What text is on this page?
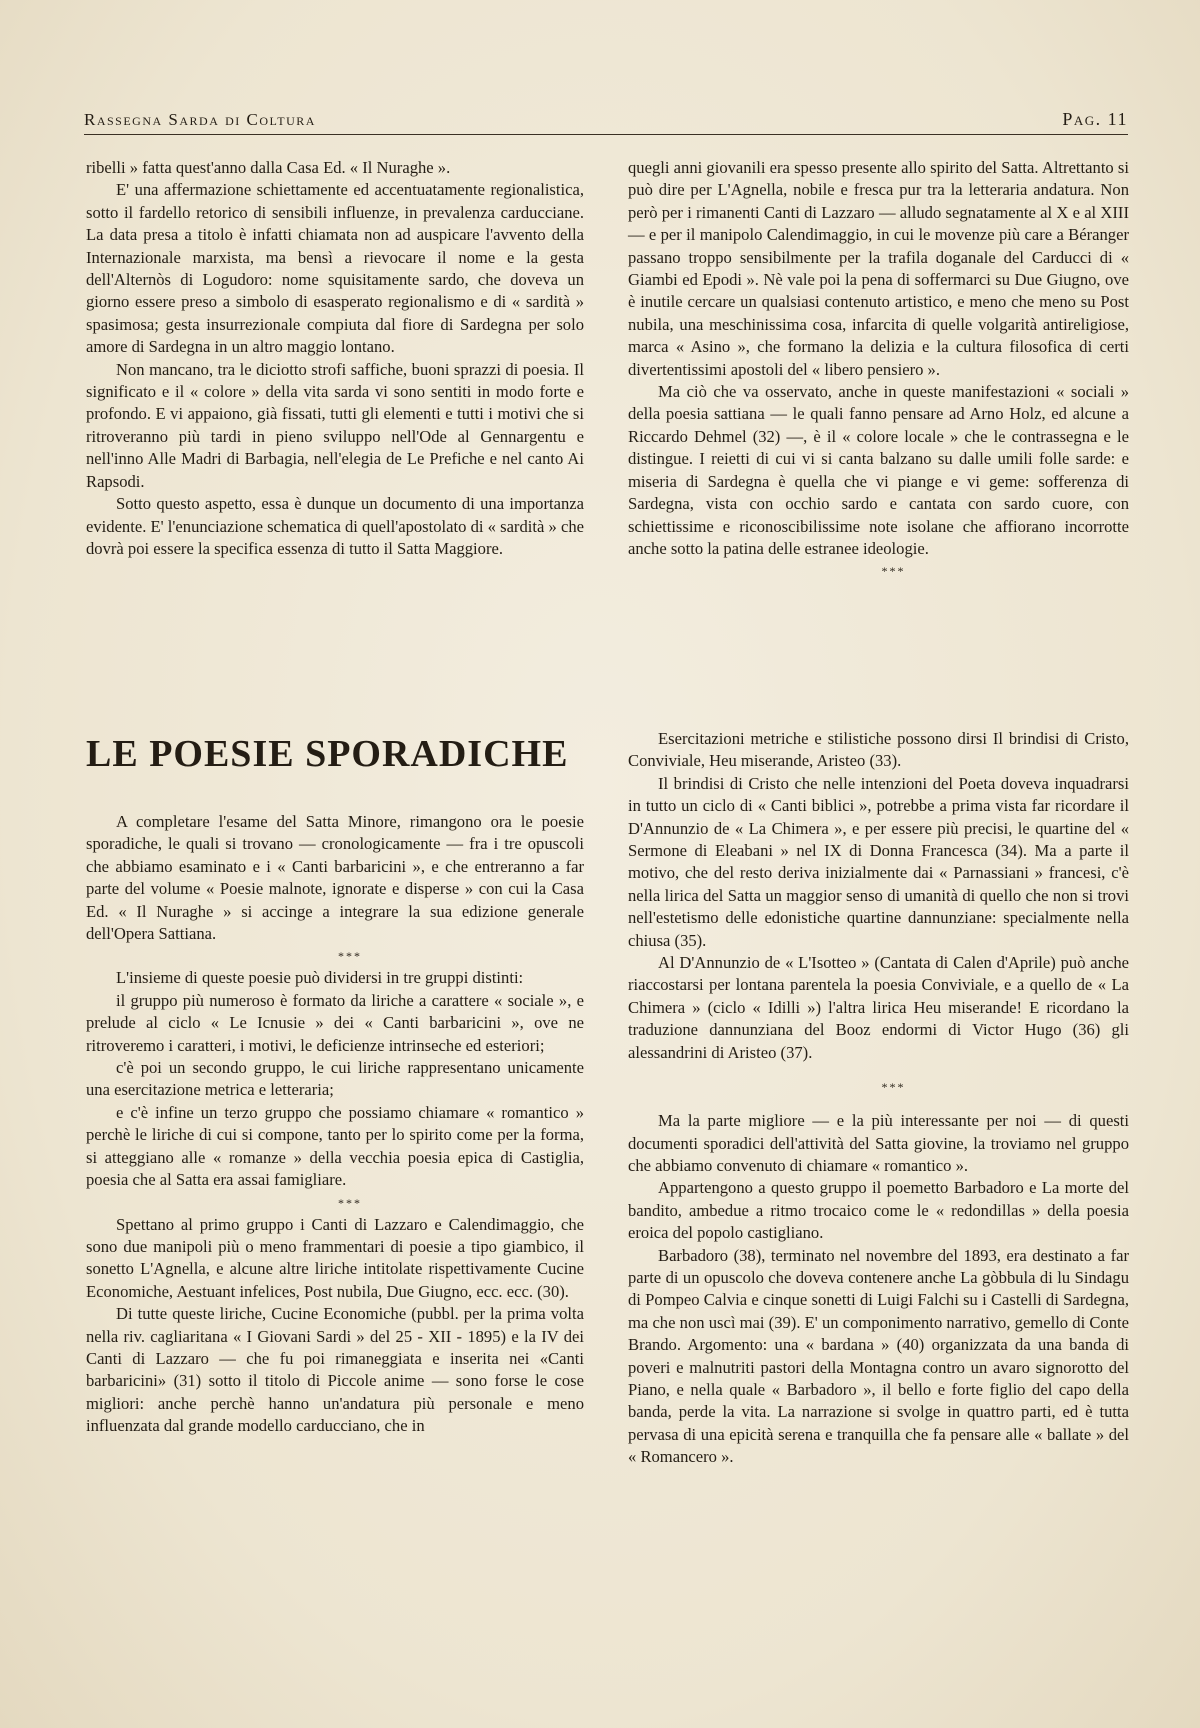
Rassegna Sarda di Coltura	Pag. 11

ribelli » fatta quest'anno dalla Casa Ed. « Il Nuraghe ».

E' una affermazione schiettamente ed accentuatamente regionalistica, sotto il fardello retorico di sensibili influenze, in prevalenza carducciane. La data presa a titolo è infatti chiamata non ad auspicare l'avvento della Internazionale marxista, ma bensì a rievocare il nome e la gesta dell'Alternòs di Logudoro: nome squisitamente sardo, che doveva un giorno essere preso a simbolo di esasperato regionalismo e di « sardità » spasimosa; gesta insurrezionale compiuta dal fiore di Sardegna per solo amore di Sardegna in un altro maggio lontano.

Non mancano, tra le diciotto strofi saffiche, buoni sprazzi di poesia. Il significato e il « colore » della vita sarda vi sono sentiti in modo forte e profondo. E vi appaiono, già fissati, tutti gli elementi e tutti i motivi che si ritroveranno più tardi in pieno sviluppo nell'Ode al Gennargentu e nell'inno Alle Madri di Barbagia, nell'elegia de Le Prefiche e nel canto Ai Rapsodi.

Sotto questo aspetto, essa è dunque un documento di una importanza evidente. E' l'enunciazione schematica di quell'apostolato di « sardità » che dovrà poi essere la specifica essenza di tutto il Satta Maggiore.

quegli anni giovanili era spesso presente allo spirito del Satta. Altrettanto si può dire per L'Agnella, nobile e fresca pur tra la letteraria andatura. Non però per i rimanenti Canti di Lazzaro — alludo segnatamente al X e al XIII — e per il manipolo Calendimaggio, in cui le movenze più care a Béranger passano troppo sensibilmente per la trafila doganale del Carducci di « Giambi ed Epodi ». Nè vale poi la pena di soffermarci su Due Giugno, ove è inutile cercare un qualsiasi contenuto artistico, e meno che meno su Post nubila, una meschinissima cosa, infarcita di quelle volgarità antireligiose, marca « Asino », che formano la delizia e la cultura filosofica di certi divertentissimi apostoli del « libero pensiero ».

Ma ciò che va osservato, anche in queste manifestazioni « sociali » della poesia sattiana — le quali fanno pensare ad Arno Holz, ed alcune a Riccardo Dehmel (32) —, è il « colore locale » che le contrassegna e le distingue. I reietti di cui vi si canta balzano su dalle umili folle sarde: e miseria di Sardegna è quella che vi piange e vi geme: sofferenza di Sardegna, vista con occhio sardo e cantata con sardo cuore, con schiettissime e riconoscibilissime note isolane che affiorano incorrotte anche sotto la patina delle estranee ideologie.

***

LE POESIE SPORADICHE

A completare l'esame del Satta Minore, rimangono ora le poesie sporadiche, le quali si trovano — cronologicamente — fra i tre opuscoli che abbiamo esaminato e i « Canti barbaricini », e che entreranno a far parte del volume « Poesie malnote, ignorate e disperse » con cui la Casa Ed. « Il Nuraghe » si accinge a integrare la sua edizione generale dell'Opera Sattiana.

***

L'insieme di queste poesie può dividersi in tre gruppi distinti:

il gruppo più numeroso è formato da liriche a carattere « sociale », e prelude al ciclo « Le Icnusie » dei « Canti barbaricini », ove ne ritroveremo i caratteri, i motivi, le deficienze intrinseche ed esteriori;

c'è poi un secondo gruppo, le cui liriche rappresentano unicamente una esercitazione metrica e letteraria;

e c'è infine un terzo gruppo che possiamo chiamare « romantico » perchè le liriche di cui si compone, tanto per lo spirito come per la forma, si atteggiano alle « romanze » della vecchia poesia epica di Castiglia, poesia che al Satta era assai famigliare.

***

Spettano al primo gruppo i Canti di Lazzaro e Calendimaggio, che sono due manipoli più o meno frammentari di poesie a tipo giambico, il sonetto L'Agnella, e alcune altre liriche intitolate rispettivamente Cucine Economiche, Aestuant infelices, Post nubila, Due Giugno, ecc. ecc. (30).

Di tutte queste liriche, Cucine Economiche (pubbl. per la prima volta nella riv. cagliaritana « I Giovani Sardi » del 25 - XII - 1895) e la IV dei Canti di Lazzaro — che fu poi rimaneggiata e inserita nei «Canti barbaricini» (31) sotto il titolo di Piccole anime — sono forse le cose migliori: anche perchè hanno un'andatura più personale e meno influenzata dal grande modello carducciano, che in

Esercitazioni metriche e stilistiche possono dirsi Il brindisi di Cristo, Conviviale, Heu miserande, Aristeo (33).

Il brindisi di Cristo che nelle intenzioni del Poeta doveva inquadrarsi in tutto un ciclo di « Canti biblici », potrebbe a prima vista far ricordare il D'Annunzio de « La Chimera », e per essere più precisi, le quartine del « Sermone di Eleabani » nel IX di Donna Francesca (34). Ma a parte il motivo, che del resto deriva inizialmente dai « Parnassiani » francesi, c'è nella lirica del Satta un maggior senso di umanità di quello che non si trovi nell'estetismo delle edonistiche quartine dannunziane: specialmente nella chiusa (35).

Al D'Annunzio de « L'Isotteo » (Cantata di Calen d'Aprile) può anche riaccostarsi per lontana parentela la poesia Conviviale, e a quello de « La Chimera » (ciclo « Idilli ») l'altra lirica Heu miserande! E ricordano la traduzione dannunziana del Booz endormi di Victor Hugo (36) gli alessandrini di Aristeo (37).

***

Ma la parte migliore — e la più interessante per noi — di questi documenti sporadici dell'attività del Satta giovine, la troviamo nel gruppo che abbiamo convenuto di chiamare « romantico ».

Appartengono a questo gruppo il poemetto Barbadoro e La morte del bandito, ambedue a ritmo trocaico come le « redondillas » della poesia eroica del popolo castigliano.

Barbadoro (38), terminato nel novembre del 1893, era destinato a far parte di un opuscolo che doveva contenere anche La gòbbula di lu Sindagu di Pompeo Calvia e cinque sonetti di Luigi Falchi su i Castelli di Sardegna, ma che non uscì mai (39). E' un componimento narrativo, gemello di Conte Brando. Argomento: una « bardana » (40) organizzata da una banda di poveri e malnutriti pastori della Montagna contro un avaro signorotto del Piano, e nella quale « Barbadoro », il bello e forte figlio del capo della banda, perde la vita. La narrazione si svolge in quattro parti, ed è tutta pervasa di una epicità serena e tranquilla che fa pensare alle « ballate » del « Romancero ».
